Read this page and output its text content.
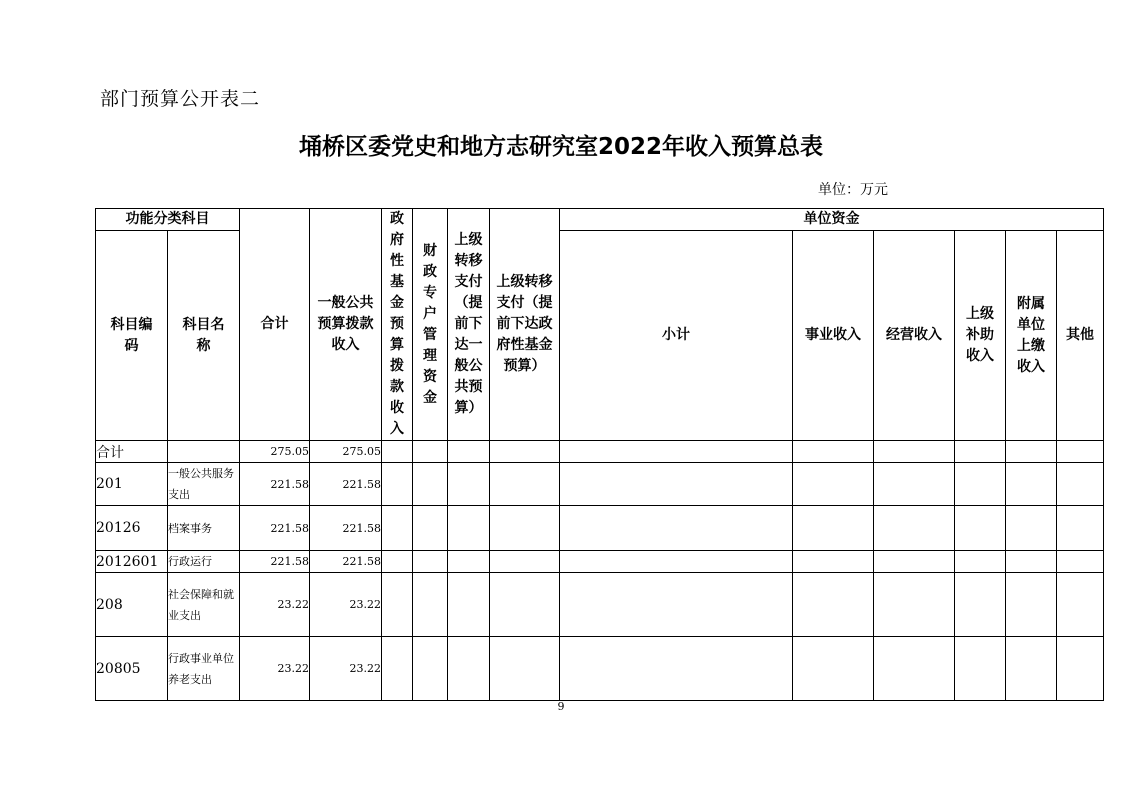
部门预算公开表二
埇桥区委党史和地方志研究室2022年收入预算总表
单位：万元
功能分类科目		合计	一般公共预算拨款收入	政府性基金预算拨款收入	财政专户管理资金	上级转移支付（提前下达一般公共预算）	上级转移支付（提前下达政府性基金预算）	单位资金					
科目编码	科目名称							小计	事业收入	经营收入	上级补助收入	附属单位上缴收入	其他
合计		275.05	275.05										
201	一般公共服务支出	221.58	221.58										
20126	档案事务	221.58	221.58										
2012601	行政运行	221.58	221.58										
208	社会保障和就业支出	23.22	23.22										
20805	行政事业单位养老支出	23.22	23.22										
9
